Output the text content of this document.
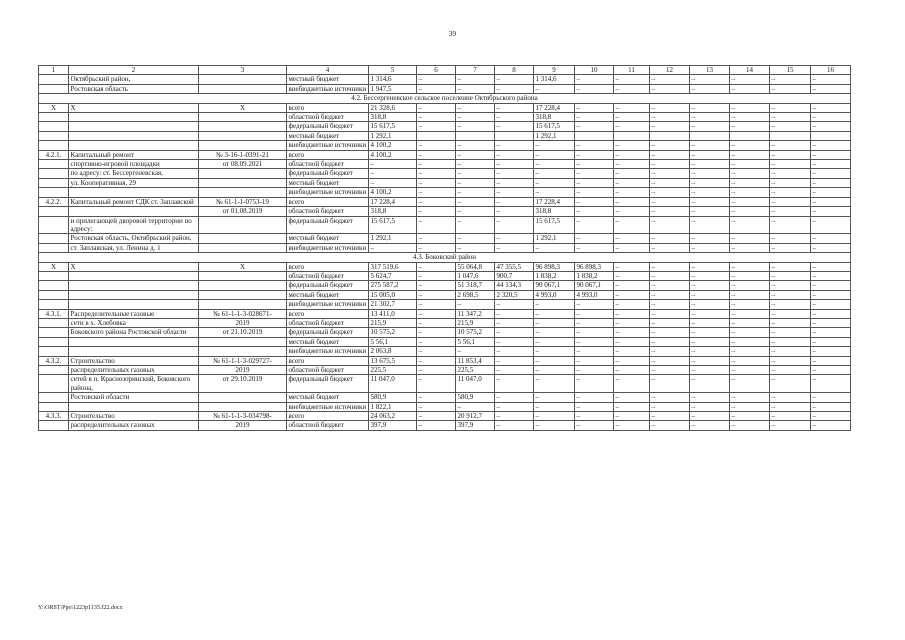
39
1	2	3	4	5	6	7	8	9	10	11	12	13	14	15	16
	Октябрьский район,		местный бюджет	1 314,6	–	–	–	1 314,6	–	–	–	–	–	–	–
	Ростовская область		внебюджетные источники	1 947,5	–	–	–	–	–	–	–	–	–	–	–
4.2. Бессергеневское сельское поселение Октябрьского района															
X	X	X	всего	21 328,6	–	–	–	17 228,4	–	–	–	–	–	–	–
			областной бюджет	318,8	–	–	–	318,8	–	–	–	–	–	–	–
			федеральный бюджет	15 617,5	–	–	–	15 617,5	–	–	–	–	–	–	–
			местный бюджет	1 292,1				1 292,1							
			внебюджетные источники	4 100,2	–	–	–	–	–	–	–	–	–	–	–
4.2.1.	Капитальный ремонт	№ 3-16-1-0391-21	всего	4 100,2	–	–	–	–	–	–	–	–	–	–	–
	спортивно-игровой площадки	от 08.09.2021	областной бюджет	–	–	–	–	–	–	–	–	–	–	–	–
	по адресу: ст. Бессергеневская,		федеральный бюджет	–	–	–	–	–	–	–	–	–	–	–	–
	ул. Кооперативная, 29		местный бюджет	–	–	–	–	–	–	–	–	–	–	–	–
			внебюджетные источники	4 100,2	–	–	–	–	–	–	–	–	–	–	–
4.2.2.	Капитальный ремонт СДК ст. Заплавской	№ 61-1-1-0753-19	всего	17 228,4	–	–	–	17 228,4	–	–	–	–	–	–	–
		от 01.08.2019	областной бюджет	318,8	–	–	–	318,8	–	–	–	–	–	–	–
	и прилегающей дворовой территории по адресу:		федеральный бюджет	15 617,5	–	–	–	15 617,5	–	–	–	–	–	–	–
	Ростовская область, Октябрьский район,		местный бюджет	1 292,1	–	–	–	1 292,1	–	–	–	–	–	–	–
	ст. Заплавская, ул. Ленина д. 1		внебюджетные источники	–	–	–	–	–	–	–	–	–	–	–	–
4.3. Боковский район															
X	X	X	всего	317 519,6	–	55 064,8	47 355,5	96 898,3	96 898,3	–	–	–	–	–	–
			областной бюджет	5 624,7	–	1 047,6	900,7	1 838,2	1 838,2	–	–	–	–	–	–
			федеральный бюджет	275 587,2	–	51 318,7	44 134,3	90 067,1	90 067,1	–	–	–	–	–	–
			местный бюджет	15 005,0	–	2 698,5	2 320,5	4 993,0	4 993,0	–	–	–	–	–	–
			внебюджетные источники	21 302,7	–	–	–	–	–	–	–	–	–	–	–
4.3.1.	Распределительные газовые	№ 61-1-1-3-028671-	всего	13 411,0	–	11 347,2	–	–	–	–	–	–	–	–	–
	сети в х. Хлебовка	2019	областной бюджет	215,9	–	215,9	–	–	–	–	–	–	–	–	–
	Боковского района Ростовской области	от 21.10.2019	федеральный бюджет	10 575,2	–	10 575,2	–	–	–	–	–	–	–	–	–
			местный бюджет	5 56,1	–	5 56,1	–	–	–	–	–	–	–	–	–
			внебюджетные источники	2 063,8	–	–	–	–	–	–	–	–	–	–	–
4.3.2.	Строительство	№ 61-1-1-3-029727-	всего	13 675,5	–	11 853,4	–	–	–	–	–	–	–	–	–
	распределительных газовых	2019	областной бюджет	225,5	–	225,5	–	–	–	–	–	–	–	–	–
	сетей в п. Краснозоринский, Боковского района,	от 29.10.2019	федеральный бюджет	11 047,0	–	11 047,0	–	–	–	–	–	–	–	–	–
	Ростовской области		местный бюджет	580,9	–	580,9	–	–	–	–	–	–	–	–	–
			внебюджетные источники	1 822,1	–	–	–	–	–	–	–	–	–	–	–
4.3.3.	Строительство	№ 61-1-1-3-034798-	всего	24 063,2	–	20 912,7	–	–	–	–	–	–	–	–	–
	распределительных газовых	2019	областной бюджет	397,9	–	397,9	–	–	–	–	–	–	–	–	–
Y:\ORST\Ppo\1223p1135.f22.docx
